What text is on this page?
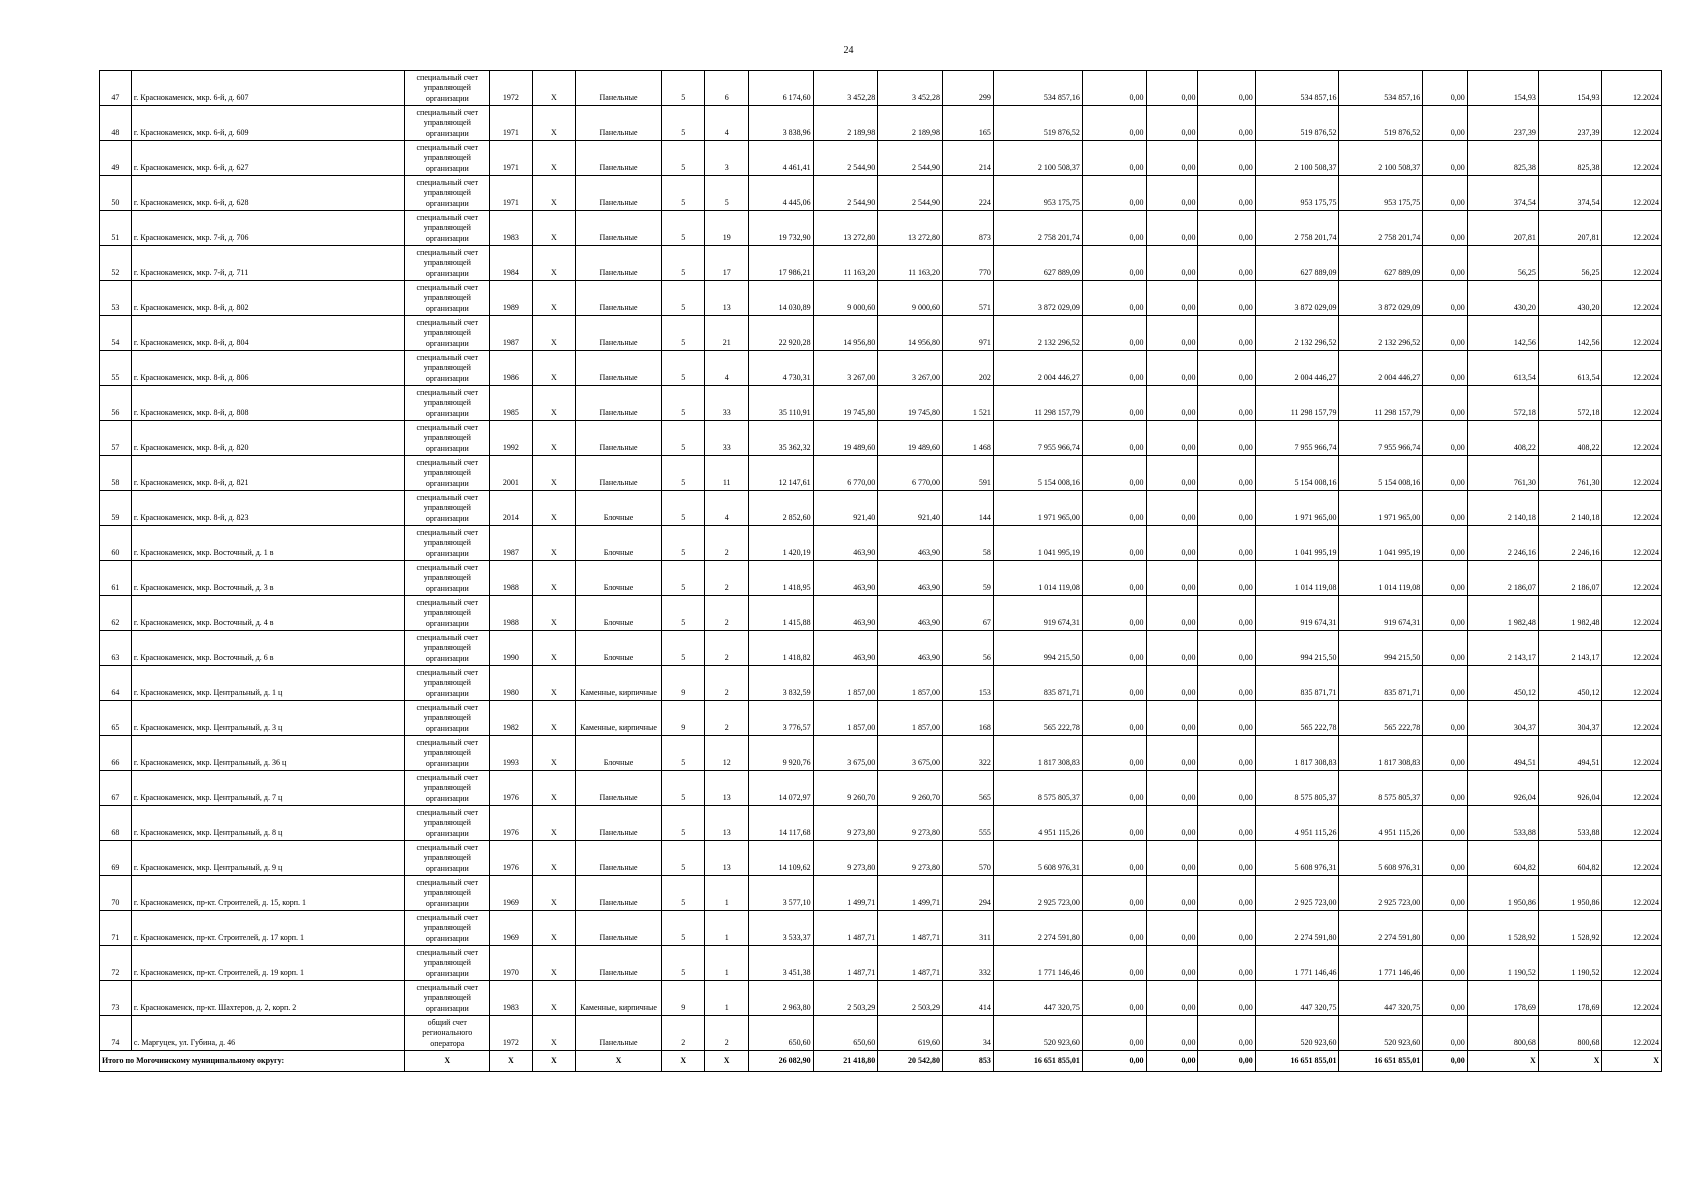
24
47	г. Краснокаменск, мкр. 6-й, д. 607	специальный счет управляющей организации	1972	X	Панельные	5	6	6 174,60	3 452,28	3 452,28	299	534 857,16	0,00	0,00	0,00	534 857,16	534 857,16	0,00	154,93	154,93	12.2024
48	г. Краснокаменск, мкр. 6-й, д. 609	специальный счет управляющей организации	1971	X	Панельные	5	4	3 838,96	2 189,98	2 189,98	165	519 876,52	0,00	0,00	0,00	519 876,52	519 876,52	0,00	237,39	237,39	12.2024
49	г. Краснокаменск, мкр. 6-й, д. 627	специальный счет управляющей организации	1971	X	Панельные	5	3	4 461,41	2 544,90	2 544,90	214	2 100 508,37	0,00	0,00	0,00	2 100 508,37	2 100 508,37	0,00	825,38	825,38	12.2024
50	г. Краснокаменск, мкр. 6-й, д. 628	специальный счет управляющей организации	1971	X	Панельные	5	5	4 445,06	2 544,90	2 544,90	224	953 175,75	0,00	0,00	0,00	953 175,75	953 175,75	0,00	374,54	374,54	12.2024
51	г. Краснокаменск, мкр. 7-й, д. 706	специальный счет управляющей организации	1983	X	Панельные	5	19	19 732,90	13 272,80	13 272,80	873	2 758 201,74	0,00	0,00	0,00	2 758 201,74	2 758 201,74	0,00	207,81	207,81	12.2024
52	г. Краснокаменск, мкр. 7-й, д. 711	специальный счет управляющей организации	1984	X	Панельные	5	17	17 986,21	11 163,20	11 163,20	770	627 889,09	0,00	0,00	0,00	627 889,09	627 889,09	0,00	56,25	56,25	12.2024
53	г. Краснокаменск, мкр. 8-й, д. 802	специальный счет управляющей организации	1989	X	Панельные	5	13	14 030,89	9 000,60	9 000,60	571	3 872 029,09	0,00	0,00	0,00	3 872 029,09	3 872 029,09	0,00	430,20	430,20	12.2024
54	г. Краснокаменск, мкр. 8-й, д. 804	специальный счет управляющей организации	1987	X	Панельные	5	21	22 920,28	14 956,80	14 956,80	971	2 132 296,52	0,00	0,00	0,00	2 132 296,52	2 132 296,52	0,00	142,56	142,56	12.2024
55	г. Краснокаменск, мкр. 8-й, д. 806	специальный счет управляющей организации	1986	X	Панельные	5	4	4 730,31	3 267,00	3 267,00	202	2 004 446,27	0,00	0,00	0,00	2 004 446,27	2 004 446,27	0,00	613,54	613,54	12.2024
56	г. Краснокаменск, мкр. 8-й, д. 808	специальный счет управляющей организации	1985	X	Панельные	5	33	35 110,91	19 745,80	19 745,80	1 521	11 298 157,79	0,00	0,00	0,00	11 298 157,79	11 298 157,79	0,00	572,18	572,18	12.2024
57	г. Краснокаменск, мкр. 8-й, д. 820	специальный счет управляющей организации	1992	X	Панельные	5	33	35 362,32	19 489,60	19 489,60	1 468	7 955 966,74	0,00	0,00	0,00	7 955 966,74	7 955 966,74	0,00	408,22	408,22	12.2024
58	г. Краснокаменск, мкр. 8-й, д. 821	специальный счет управляющей организации	2001	X	Панельные	5	11	12 147,61	6 770,00	6 770,00	591	5 154 008,16	0,00	0,00	0,00	5 154 008,16	5 154 008,16	0,00	761,30	761,30	12.2024
59	г. Краснокаменск, мкр. 8-й, д. 823	специальный счет управляющей организации	2014	X	Блочные	5	4	2 852,60	921,40	921,40	144	1 971 965,00	0,00	0,00	0,00	1 971 965,00	1 971 965,00	0,00	2 140,18	2 140,18	12.2024
60	г. Краснокаменск, мкр. Восточный, д. 1 в	специальный счет управляющей организации	1987	X	Блочные	5	2	1 420,19	463,90	463,90	58	1 041 995,19	0,00	0,00	0,00	1 041 995,19	1 041 995,19	0,00	2 246,16	2 246,16	12.2024
61	г. Краснокаменск, мкр. Восточный, д. 3 в	специальный счет управляющей организации	1988	X	Блочные	5	2	1 418,95	463,90	463,90	59	1 014 119,08	0,00	0,00	0,00	1 014 119,08	1 014 119,08	0,00	2 186,07	2 186,07	12.2024
62	г. Краснокаменск, мкр. Восточный, д. 4 в	специальный счет управляющей организации	1988	X	Блочные	5	2	1 415,88	463,90	463,90	67	919 674,31	0,00	0,00	0,00	919 674,31	919 674,31	0,00	1 982,48	1 982,48	12.2024
63	г. Краснокаменск, мкр. Восточный, д. 6 в	специальный счет управляющей организации	1990	X	Блочные	5	2	1 418,82	463,90	463,90	56	994 215,50	0,00	0,00	0,00	994 215,50	994 215,50	0,00	2 143,17	2 143,17	12.2024
64	г. Краснокаменск, мкр. Центральный, д. 1 ц	специальный счет управляющей организации	1980	X	Каменные, кирпичные	9	2	3 832,59	1 857,00	1 857,00	153	835 871,71	0,00	0,00	0,00	835 871,71	835 871,71	0,00	450,12	450,12	12.2024
65	г. Краснокаменск, мкр. Центральный, д. 3 ц	специальный счет управляющей организации	1982	X	Каменные, кирпичные	9	2	3 776,57	1 857,00	1 857,00	168	565 222,78	0,00	0,00	0,00	565 222,78	565 222,78	0,00	304,37	304,37	12.2024
66	г. Краснокаменск, мкр. Центральный, д. 36 ц	специальный счет управляющей организации	1993	X	Блочные	5	12	9 920,76	3 675,00	3 675,00	322	1 817 308,83	0,00	0,00	0,00	1 817 308,83	1 817 308,83	0,00	494,51	494,51	12.2024
67	г. Краснокаменск, мкр. Центральный, д. 7 ц	специальный счет управляющей организации	1976	X	Панельные	5	13	14 072,97	9 260,70	9 260,70	565	8 575 805,37	0,00	0,00	0,00	8 575 805,37	8 575 805,37	0,00	926,04	926,04	12.2024
68	г. Краснокаменск, мкр. Центральный, д. 8 ц	специальный счет управляющей организации	1976	X	Панельные	5	13	14 117,68	9 273,80	9 273,80	555	4 951 115,26	0,00	0,00	0,00	4 951 115,26	4 951 115,26	0,00	533,88	533,88	12.2024
69	г. Краснокаменск, мкр. Центральный, д. 9 ц	специальный счет управляющей организации	1976	X	Панельные	5	13	14 109,62	9 273,80	9 273,80	570	5 608 976,31	0,00	0,00	0,00	5 608 976,31	5 608 976,31	0,00	604,82	604,82	12.2024
70	г. Краснокаменск, пр-кт. Строителей, д. 15, корп. 1	специальный счет управляющей организации	1969	X	Панельные	5	1	3 577,10	1 499,71	1 499,71	294	2 925 723,00	0,00	0,00	0,00	2 925 723,00	2 925 723,00	0,00	1 950,86	1 950,86	12.2024
71	г. Краснокаменск, пр-кт. Строителей, д. 17 корп. 1	специальный счет управляющей организации	1969	X	Панельные	5	1	3 533,37	1 487,71	1 487,71	311	2 274 591,80	0,00	0,00	0,00	2 274 591,80	2 274 591,80	0,00	1 528,92	1 528,92	12.2024
72	г. Краснокаменск, пр-кт. Строителей, д. 19 корп. 1	специальный счет управляющей организации	1970	X	Панельные	5	1	3 451,38	1 487,71	1 487,71	332	1 771 146,46	0,00	0,00	0,00	1 771 146,46	1 771 146,46	0,00	1 190,52	1 190,52	12.2024
73	г. Краснокаменск, пр-кт. Шахтеров, д. 2, корп. 2	специальный счет управляющей организации	1983	X	Каменные, кирпичные	9	1	2 963,80	2 503,29	2 503,29	414	447 320,75	0,00	0,00	0,00	447 320,75	447 320,75	0,00	178,69	178,69	12.2024
74	с. Маргуцек, ул. Губина, д. 46	общий счет регионального оператора	1972	X	Панельные	2	2	650,60	650,60	619,60	34	520 923,60	0,00	0,00	0,00	520 923,60	520 923,60	0,00	800,68	800,68	12.2024
Итого по Могочинскому муниципальному округу:		X	X	X	X	X	X	26 082,90	21 418,80	20 542,80	853	16 651 855,01	0,00	0,00	0,00	16 651 855,01	16 651 855,01	0,00	X	X	X
